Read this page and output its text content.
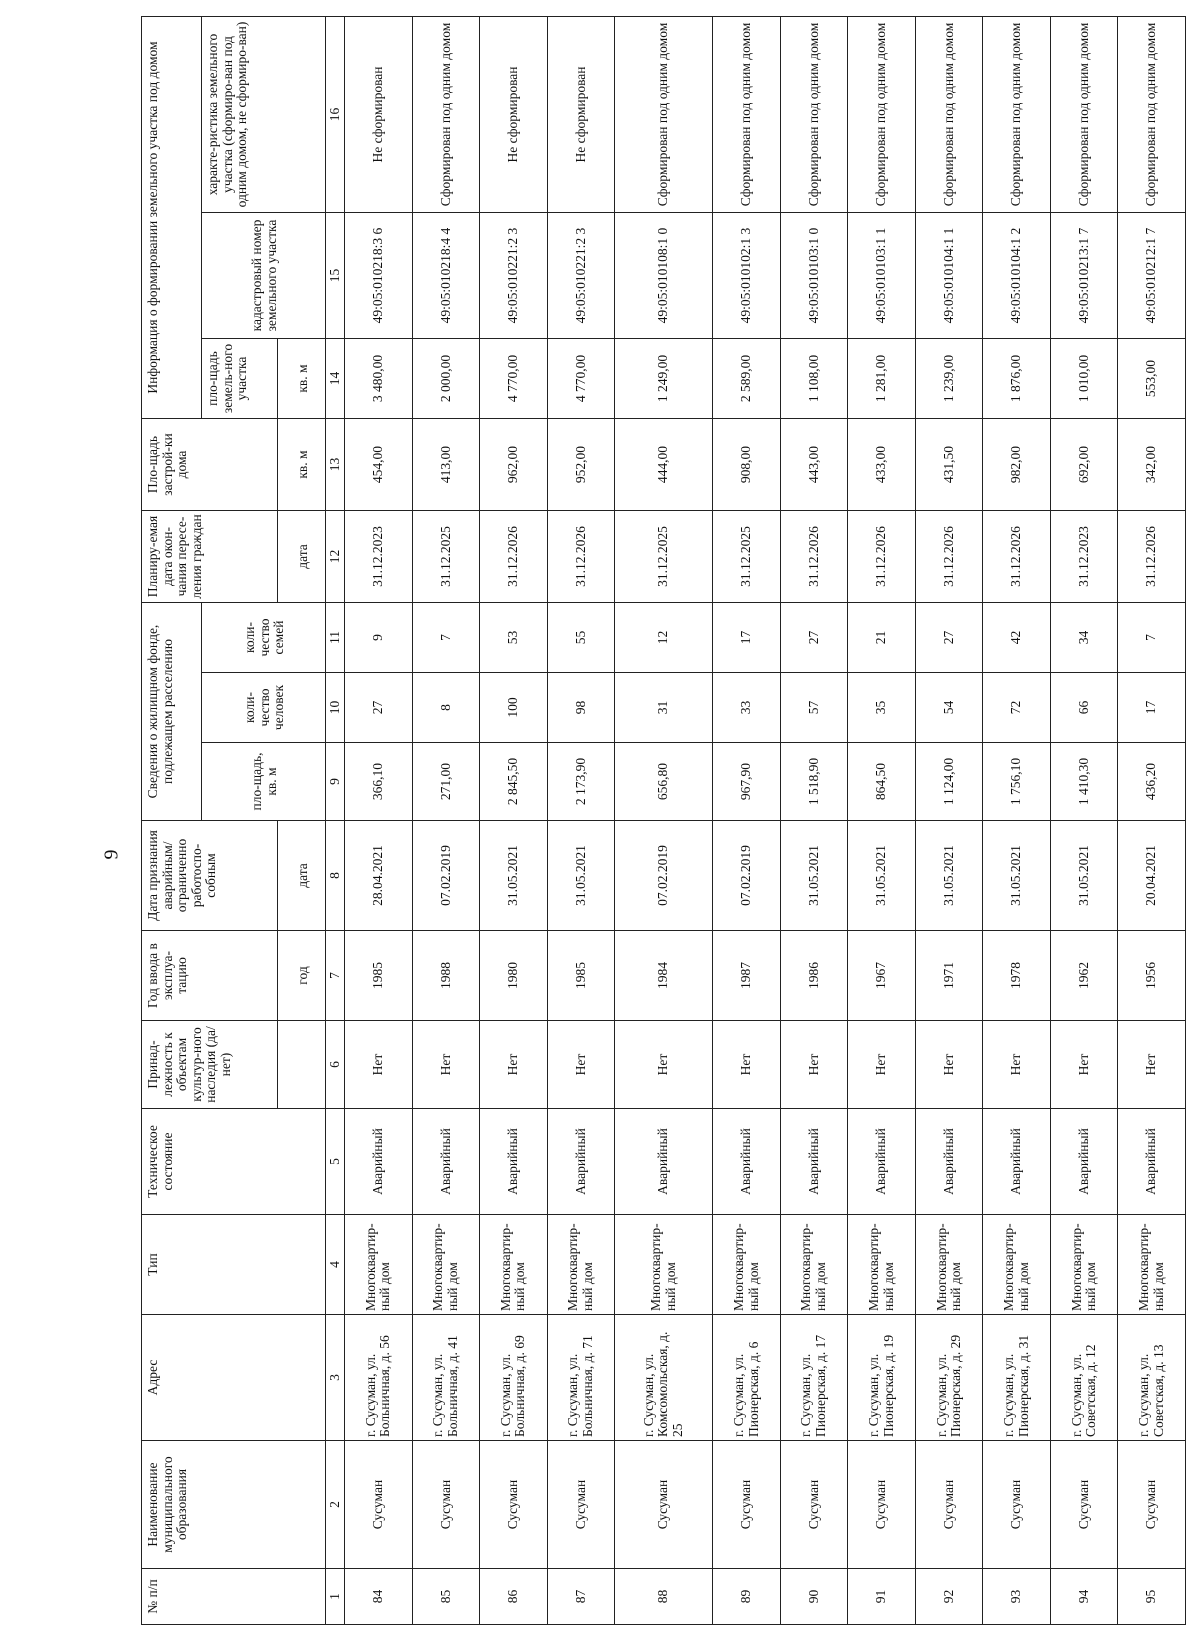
9
№ п/п	Наименование муниципального образования	Адрес	Тип	Техническое состояние	Принад-лежность к объектам культур-ного наследия (да/нет)	Год ввода в эксплуа-тацию	Дата признания аварийным/ ограниченно работоспо-собным	Сведения о жилищном фонде, подлежащем расселению			Планиру-емая дата окон-чания пересе-ления граждан	Пло-щадь застрой-ки дома	Информация о формировании земельного участка под домом		
								пло-щадь, кв. м	коли-чество человек	коли-чество семей			пло-щадь земель-ного участка	кадастровый номер земельного участка	характе-ристика земельного участка (сформиро-ван под одним домом, не сформиро-ван)
						год	дата				дата	кв. м	кв. м		
1	2	3	4	5	6	7	8	9	10	11	12	13	14	15	16
84	Сусуман	г. Сусуман, ул. Больничная, д. 56	Многоквартир-ный дом	Аварийный	Нет	1985	28.04.2021	366,10	27	9	31.12.2023	454,00	3 480,00	49:05:010218:3 6	Не сформирован
85	Сусуман	г. Сусуман, ул. Больничная, д. 41	Многоквартир-ный дом	Аварийный	Нет	1988	07.02.2019	271,00	8	7	31.12.2025	413,00	2 000,00	49:05:010218:4 4	Сформирован под одним домом
86	Сусуман	г. Сусуман, ул. Больничная, д. 69	Многоквартир-ный дом	Аварийный	Нет	1980	31.05.2021	2 845,50	100	53	31.12.2026	962,00	4 770,00	49:05:010221:2 3	Не сформирован
87	Сусуман	г. Сусуман, ул. Больничная, д. 71	Многоквартир-ный дом	Аварийный	Нет	1985	31.05.2021	2 173,90	98	55	31.12.2026	952,00	4 770,00	49:05:010221:2 3	Не сформирован
88	Сусуман	г. Сусуман, ул. Комсомольская, д. 25	Многоквартир-ный дом	Аварийный	Нет	1984	07.02.2019	656,80	31	12	31.12.2025	444,00	1 249,00	49:05:010108:1 0	Сформирован под одним домом
89	Сусуман	г. Сусуман, ул. Пионерская, д. 6	Многоквартир-ный дом	Аварийный	Нет	1987	07.02.2019	967,90	33	17	31.12.2025	908,00	2 589,00	49:05:010102:1 3	Сформирован под одним домом
90	Сусуман	г. Сусуман, ул. Пионерская, д. 17	Многоквартир-ный дом	Аварийный	Нет	1986	31.05.2021	1 518,90	57	27	31.12.2026	443,00	1 108,00	49:05:010103:1 0	Сформирован под одним домом
91	Сусуман	г. Сусуман, ул. Пионерская, д. 19	Многоквартир-ный дом	Аварийный	Нет	1967	31.05.2021	864,50	35	21	31.12.2026	433,00	1 281,00	49:05:010103:1 1	Сформирован под одним домом
92	Сусуман	г. Сусуман, ул. Пионерская, д. 29	Многоквартир-ный дом	Аварийный	Нет	1971	31.05.2021	1 124,00	54	27	31.12.2026	431,50	1 239,00	49:05:010104:1 1	Сформирован под одним домом
93	Сусуман	г. Сусуман, ул. Пионерская, д. 31	Многоквартир-ный дом	Аварийный	Нет	1978	31.05.2021	1 756,10	72	42	31.12.2026	982,00	1 876,00	49:05:010104:1 2	Сформирован под одним домом
94	Сусуман	г. Сусуман, ул. Советская, д. 12	Многоквартир-ный дом	Аварийный	Нет	1962	31.05.2021	1 410,30	66	34	31.12.2023	692,00	1 010,00	49:05:010213:1 7	Сформирован под одним домом
95	Сусуман	г. Сусуман, ул. Советская, д. 13	Многоквартир-ный дом	Аварийный	Нет	1956	20.04.2021	436,20	17	7	31.12.2026	342,00	553,00	49:05:010212:1 7	Сформирован под одним домом
